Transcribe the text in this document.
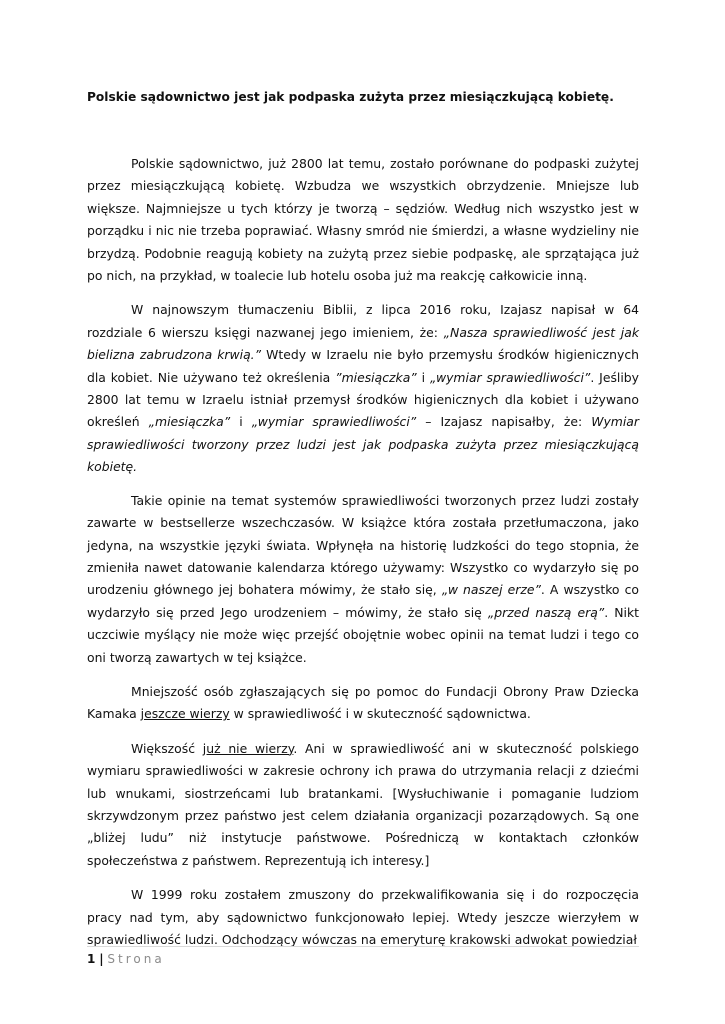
Polskie sądownictwo jest jak podpaska zużyta przez miesiączkującą kobietę.

Polskie sądownictwo, już 2800 lat temu, zostało porównane do podpaski zużytej przez miesiączkującą kobietę. Wzbudza we wszystkich obrzydzenie. Mniejsze lub większe. Najmniejsze u tych którzy je tworzą – sędziów. Według nich wszystko jest w porządku i nic nie trzeba poprawiać. Własny smród nie śmierdzi, a własne wydzieliny nie brzydzą. Podobnie reagują kobiety na zużytą przez siebie podpaskę, ale sprzątająca już po nich, na przykład, w toalecie lub hotelu osoba już ma reakcję całkowicie inną.

W najnowszym tłumaczeniu Biblii, z lipca 2016 roku, Izajasz napisał w 64 rozdziale 6 wierszu księgi nazwanej jego imieniem, że: „Nasza sprawiedliwość jest jak bielizna zabrudzona krwią.” Wtedy w Izraelu nie było przemysłu środków higienicznych dla kobiet. Nie używano też określenia ”miesiączka” i „wymiar sprawiedliwości”. Jeśliby 2800 lat temu w Izraelu istniał przemysł środków higienicznych dla kobiet i używano określeń „miesiączka” i „wymiar sprawiedliwości” – Izajasz napisałby, że: Wymiar sprawiedliwości tworzony przez ludzi jest jak podpaska zużyta przez miesiączkującą kobietę.

Takie opinie na temat systemów sprawiedliwości tworzonych przez ludzi zostały zawarte w bestsellerze wszechczasów. W książce która została przetłumaczona, jako jedyna, na wszystkie języki świata. Wpłynęła na historię ludzkości do tego stopnia, że zmieniła nawet datowanie kalendarza którego używamy: Wszystko co wydarzyło się po urodzeniu głównego jej bohatera mówimy, że stało się, „w naszej erze”. A wszystko co wydarzyło się przed Jego urodzeniem – mówimy, że stało się „przed naszą erą”. Nikt uczciwie myślący nie może więc przejść obojętnie wobec opinii na temat ludzi i tego co oni tworzą zawartych w tej książce.

Mniejszość osób zgłaszających się po pomoc do Fundacji Obrony Praw Dziecka Kamaka jeszcze wierzy w sprawiedliwość i w skuteczność sądownictwa.

Większość już nie wierzy. Ani w sprawiedliwość ani w skuteczność polskiego wymiaru sprawiedliwości w zakresie ochrony ich prawa do utrzymania relacji z dziećmi lub wnukami, siostrzeńcami lub bratankami. [Wysłuchiwanie i pomaganie ludziom skrzywdzonym przez państwo jest celem działania organizacji pozarządowych. Są one „bliżej ludu” niż instytucje państwowe. Pośredniczą w kontaktach członków społeczeństwa z państwem. Reprezentują ich interesy.]

W 1999 roku zostałem zmuszony do przekwalifikowania się i do rozpoczęcia pracy nad tym, aby sądownictwo funkcjonowało lepiej. Wtedy jeszcze wierzyłem w sprawiedliwość ludzi. Odchodzący wówczas na emeryturę krakowski adwokat powiedział

1 | Strona
